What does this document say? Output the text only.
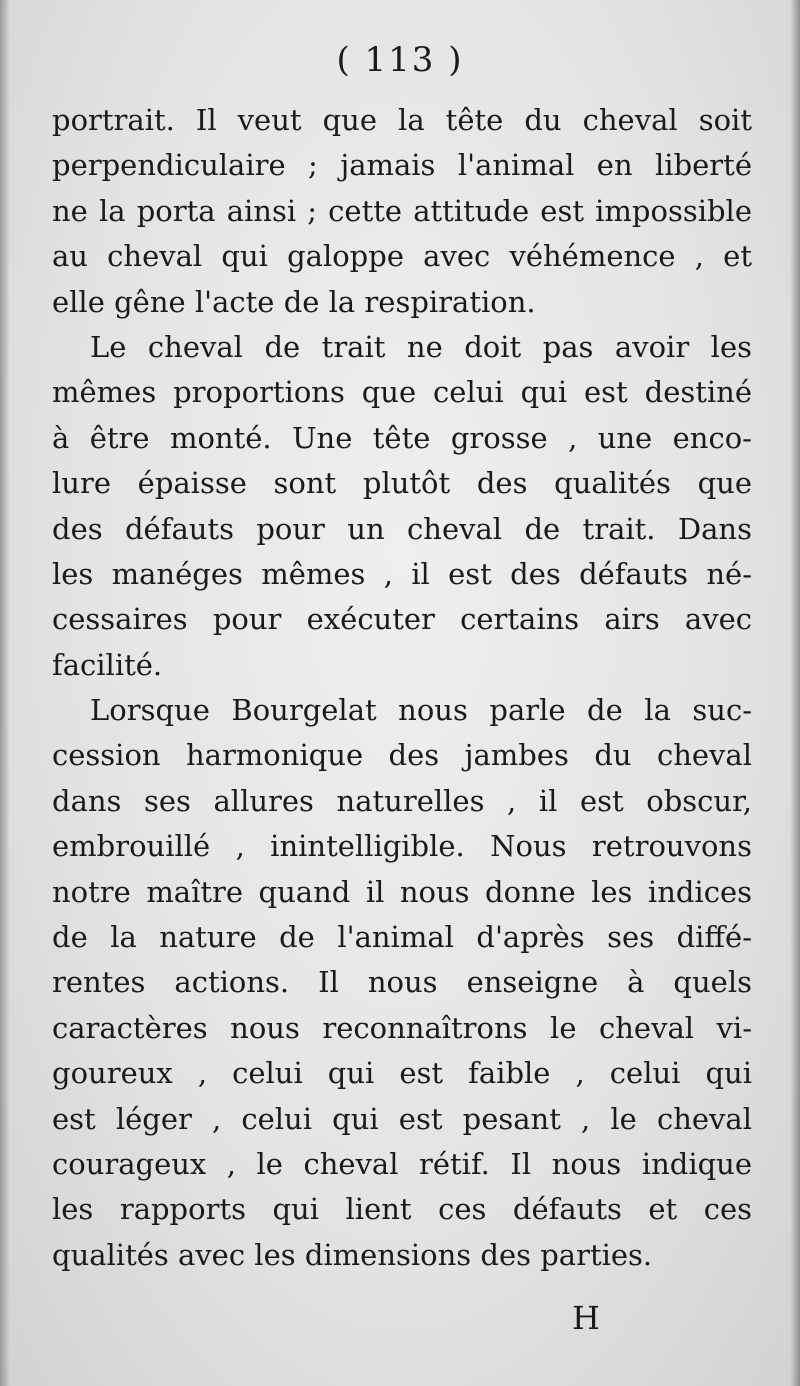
( 113 )
portrait. Il veut que la tête du cheval soit
perpendiculaire ; jamais l'animal en liberté
ne la porta ainsi ; cette attitude est impossible
au cheval qui galoppe avec véhémence , et
elle gêne l'acte de la respiration.
Le cheval de trait ne doit pas avoir les
mêmes proportions que celui qui est destiné
à être monté. Une tête grosse , une enco-
lure épaisse sont plutôt des qualités que
des défauts pour un cheval de trait. Dans
les manéges mêmes , il est des défauts né-
cessaires pour exécuter certains airs avec
facilité.
Lorsque Bourgelat nous parle de la suc-
cession harmonique des jambes du cheval
dans ses allures naturelles , il est obscur,
embrouillé , inintelligible. Nous retrouvons
notre maître quand il nous donne les indices
de la nature de l'animal d'après ses diffé-
rentes actions. Il nous enseigne à quels
caractères nous reconnaîtrons le cheval vi-
goureux , celui qui est faible , celui qui
est léger , celui qui est pesant , le cheval
courageux , le cheval rétif. Il nous indique
les rapports qui lient ces défauts et ces
qualités avec les dimensions des parties.
H
